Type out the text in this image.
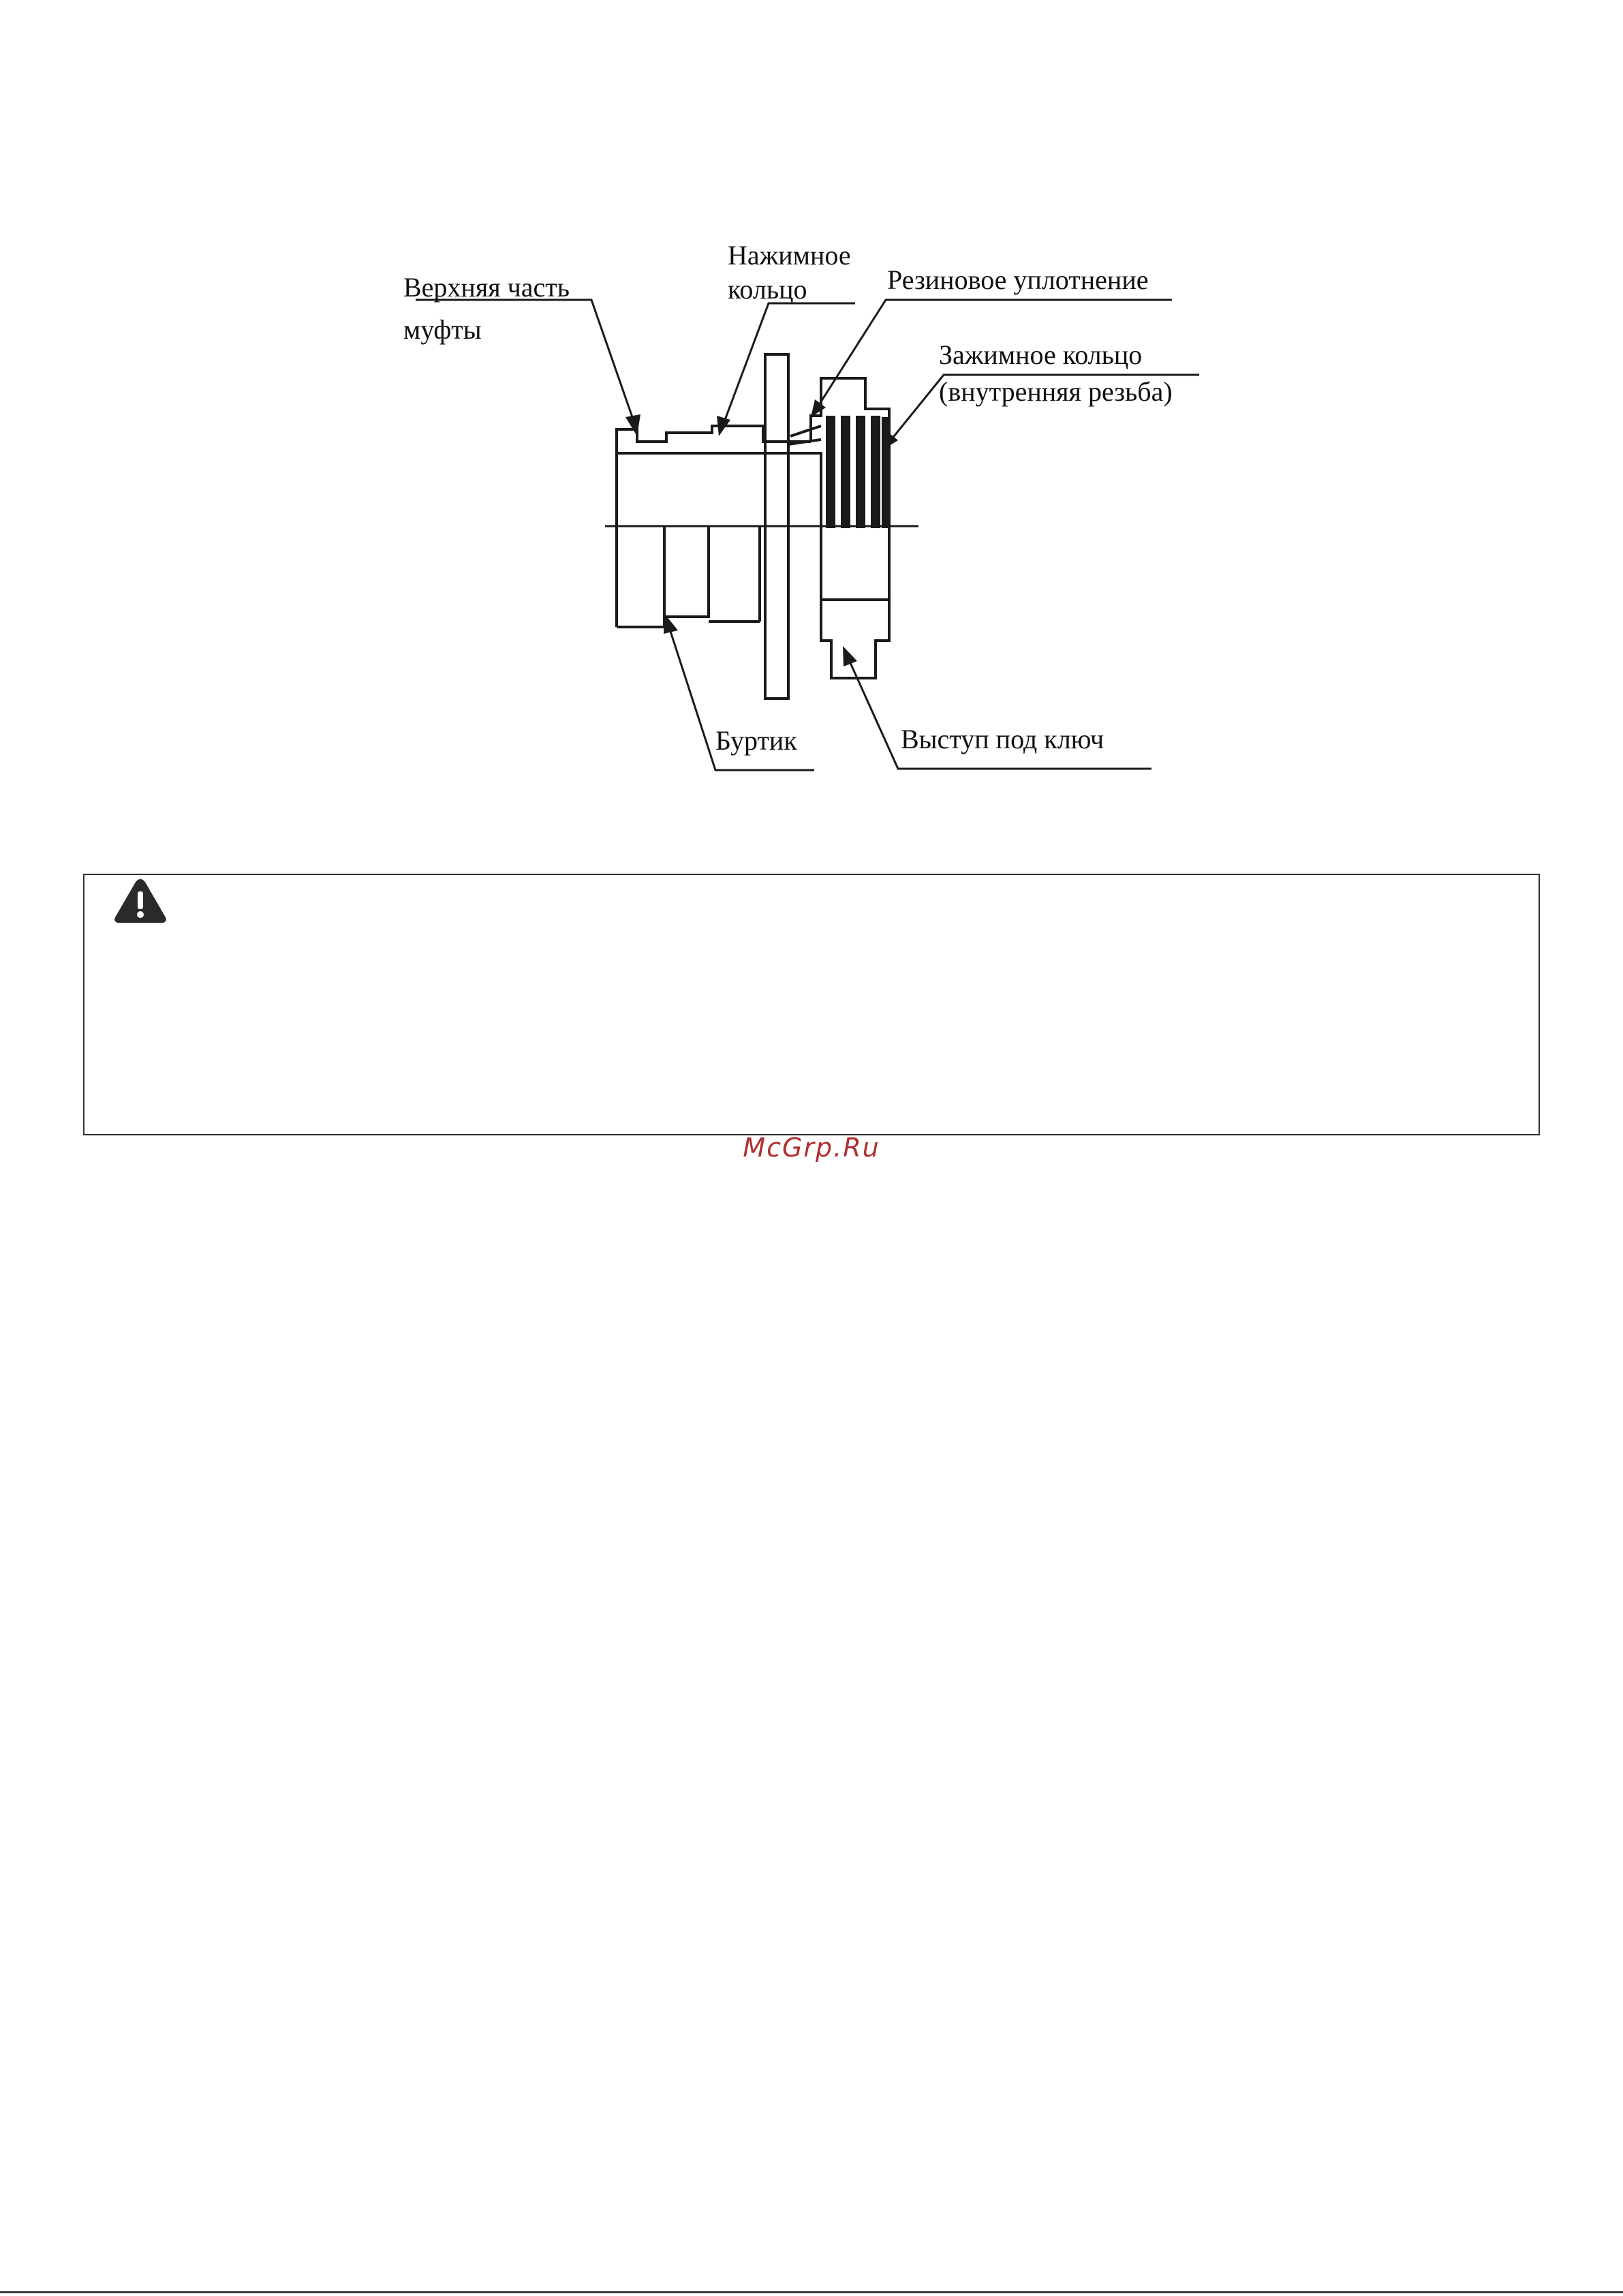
Верхняя часть
муфты
Нажимное
кольцо	Резиновое уплотнение
Зажимное кольцо
(внутренняя резьба)
Буртик	Выступ под ключ
McGrp.Ru
